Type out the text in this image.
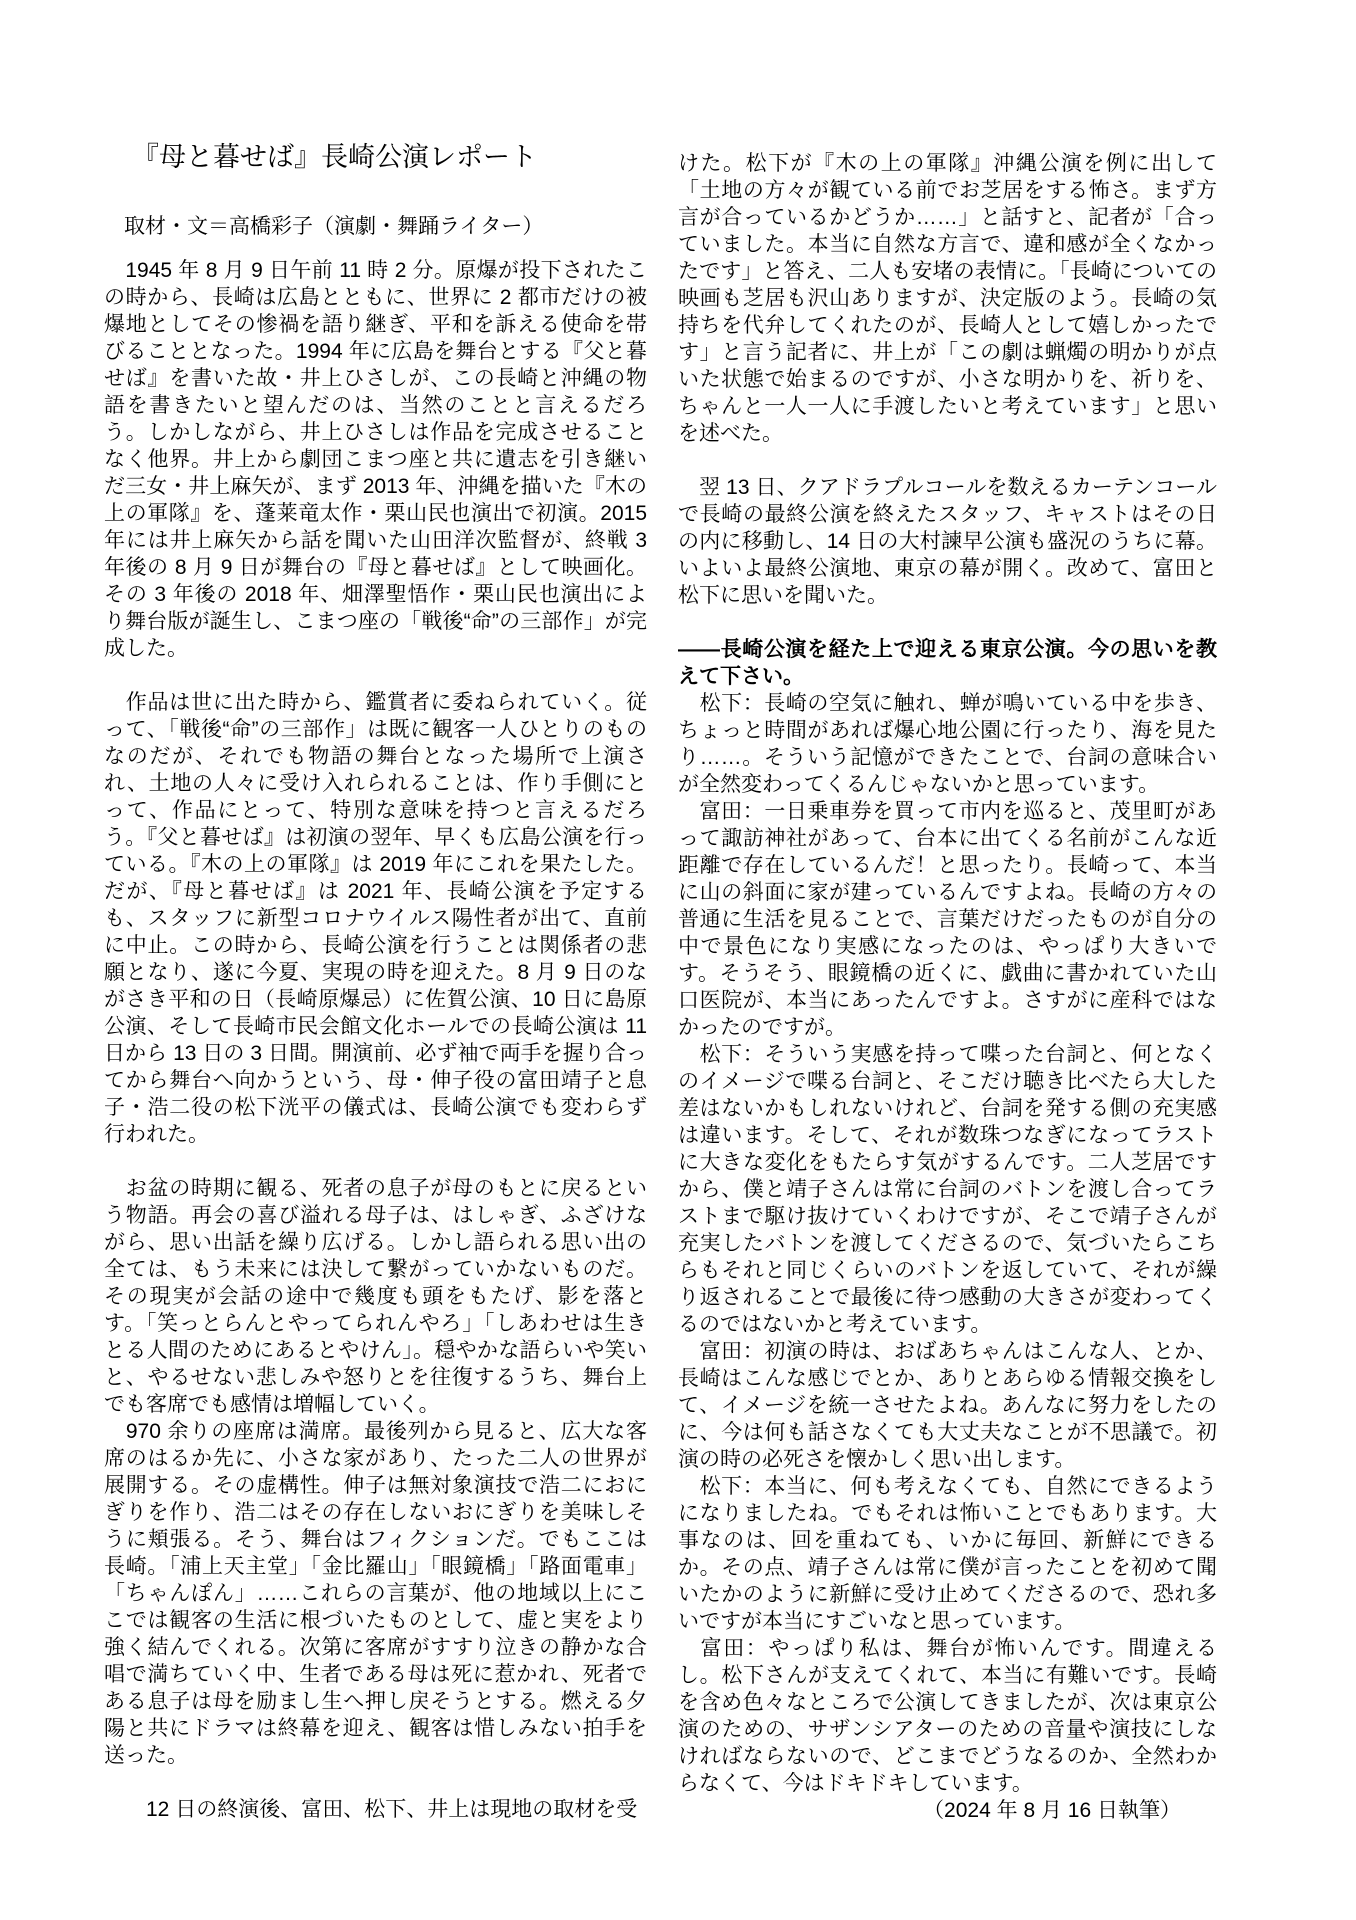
『母と暮せば』長崎公演レポート
取材・文＝高橋彩子（演劇・舞踊ライター）

　1945 年 8 月 9 日午前 11 時 2 分。原爆が投下されたこの時から、長崎は広島とともに、世界に 2 都市だけの被爆地としてその惨禍を語り継ぎ、平和を訴える使命を帯びることとなった。1994 年に広島を舞台とする『父と暮せば』を書いた故・井上ひさしが、この長崎と沖縄の物語を書きたいと望んだのは、当然のことと言えるだろう。しかしながら、井上ひさしは作品を完成させることなく他界。井上から劇団こまつ座と共に遺志を引き継いだ三女・井上麻矢が、まず 2013 年、沖縄を描いた『木の上の軍隊』を、蓬莱竜太作・栗山民也演出で初演。2015 年には井上麻矢から話を聞いた山田洋次監督が、終戦 3 年後の 8 月 9 日が舞台の『母と暮せば』として映画化。その 3 年後の 2018 年、畑澤聖悟作・栗山民也演出により舞台版が誕生し、こまつ座の「戦後“命”の三部作」が完成した。

　作品は世に出た時から、鑑賞者に委ねられていく。従って、「戦後“命”の三部作」は既に観客一人ひとりのものなのだが、それでも物語の舞台となった場所で上演され、土地の人々に受け入れられることは、作り手側にとって、作品にとって、特別な意味を持つと言えるだろう。『父と暮せば』は初演の翌年、早くも広島公演を行っている。『木の上の軍隊』は 2019 年にこれを果たした。だが、『母と暮せば』は 2021 年、長崎公演を予定するも、スタッフに新型コロナウイルス陽性者が出て、直前に中止。この時から、長崎公演を行うことは関係者の悲願となり、遂に今夏、実現の時を迎えた。8 月 9 日のながさき平和の日（長崎原爆忌）に佐賀公演、10 日に島原公演、そして長崎市民会館文化ホールでの長崎公演は 11 日から 13 日の 3 日間。開演前、必ず袖で両手を握り合ってから舞台へ向かうという、母・伸子役の富田靖子と息子・浩二役の松下洸平の儀式は、長崎公演でも変わらず行われた。

　お盆の時期に観る、死者の息子が母のもとに戻るという物語。再会の喜び溢れる母子は、はしゃぎ、ふざけながら、思い出話を繰り広げる。しかし語られる思い出の全ては、もう未来には決して繋がっていかないものだ。その現実が会話の途中で幾度も頭をもたげ、影を落とす。「笑っとらんとやってられんやろ」「しあわせは生きとる人間のためにあるとやけん」。穏やかな語らいや笑いと、やるせない悲しみや怒りとを往復するうち、舞台上でも客席でも感情は増幅していく。

　970 余りの座席は満席。最後列から見ると、広大な客席のはるか先に、小さな家があり、たった二人の世界が展開する。その虚構性。伸子は無対象演技で浩二におにぎりを作り、浩二はその存在しないおにぎりを美味しそうに頬張る。そう、舞台はフィクションだ。でもここは長崎。「浦上天主堂」「金比羅山」「眼鏡橋」「路面電車」「ちゃんぽん」……これらの言葉が、他の地域以上にここでは観客の生活に根づいたものとして、虚と実をより強く結んでくれる。次第に客席がすすり泣きの静かな合唱で満ちていく中、生者である母は死に惹かれ、死者である息子は母を励まし生へ押し戻そうとする。燃える夕陽と共にドラマは終幕を迎え、観客は惜しみない拍手を送った。

　　12 日の終演後、富田、松下、井上は現地の取材を受

けた。松下が『木の上の軍隊』沖縄公演を例に出して「土地の方々が観ている前でお芝居をする怖さ。まず方言が合っているかどうか……」と話すと、記者が「合っていました。本当に自然な方言で、違和感が全くなかったです」と答え、二人も安堵の表情に。「長崎についての映画も芝居も沢山ありますが、決定版のよう。長崎の気持ちを代弁してくれたのが、長崎人として嬉しかったです」と言う記者に、井上が「この劇は蝋燭の明かりが点いた状態で始まるのですが、小さな明かりを、祈りを、ちゃんと一人一人に手渡したいと考えています」と思いを述べた。

　翌 13 日、クアドラプルコールを数えるカーテンコールで長崎の最終公演を終えたスタッフ、キャストはその日の内に移動し、14 日の大村諫早公演も盛況のうちに幕。いよいよ最終公演地、東京の幕が開く。改めて、富田と松下に思いを聞いた。

――長崎公演を経た上で迎える東京公演。今の思いを教えて下さい。

　松下：長崎の空気に触れ、蝉が鳴いている中を歩き、ちょっと時間があれば爆心地公園に行ったり、海を見たり……。そういう記憶ができたことで、台詞の意味合いが全然変わってくるんじゃないかと思っています。

　富田：一日乗車券を買って市内を巡ると、茂里町があって諏訪神社があって、台本に出てくる名前がこんな近距離で存在しているんだ！と思ったり。長崎って、本当に山の斜面に家が建っているんですよね。長崎の方々の普通に生活を見ることで、言葉だけだったものが自分の中で景色になり実感になったのは、やっぱり大きいです。そうそう、眼鏡橋の近くに、戯曲に書かれていた山口医院が、本当にあったんですよ。さすがに産科ではなかったのですが。

　松下：そういう実感を持って喋った台詞と、何となくのイメージで喋る台詞と、そこだけ聴き比べたら大した差はないかもしれないけれど、台詞を発する側の充実感は違います。そして、それが数珠つなぎになってラストに大きな変化をもたらす気がするんです。二人芝居ですから、僕と靖子さんは常に台詞のバトンを渡し合ってラストまで駆け抜けていくわけですが、そこで靖子さんが充実したバトンを渡してくださるので、気づいたらこちらもそれと同じくらいのバトンを返していて、それが繰り返されることで最後に待つ感動の大きさが変わってくるのではないかと考えています。

　富田：初演の時は、おばあちゃんはこんな人、とか、長崎はこんな感じでとか、ありとあらゆる情報交換をして、イメージを統一させたよね。あんなに努力をしたのに、今は何も話さなくても大丈夫なことが不思議で。初演の時の必死さを懐かしく思い出します。

　松下：本当に、何も考えなくても、自然にできるようになりましたね。でもそれは怖いことでもあります。大事なのは、回を重ねても、いかに毎回、新鮮にできるか。その点、靖子さんは常に僕が言ったことを初めて聞いたかのように新鮮に受け止めてくださるので、恐れ多いですが本当にすごいなと思っています。

　富田：やっぱり私は、舞台が怖いんです。間違えるし。松下さんが支えてくれて、本当に有難いです。長崎を含め色々なところで公演してきましたが、次は東京公演のための、サザンシアターのための音量や演技にしなければならないので、どこまでどうなるのか、全然わからなくて、今はドキドキしています。

（2024 年 8 月 16 日執筆）
